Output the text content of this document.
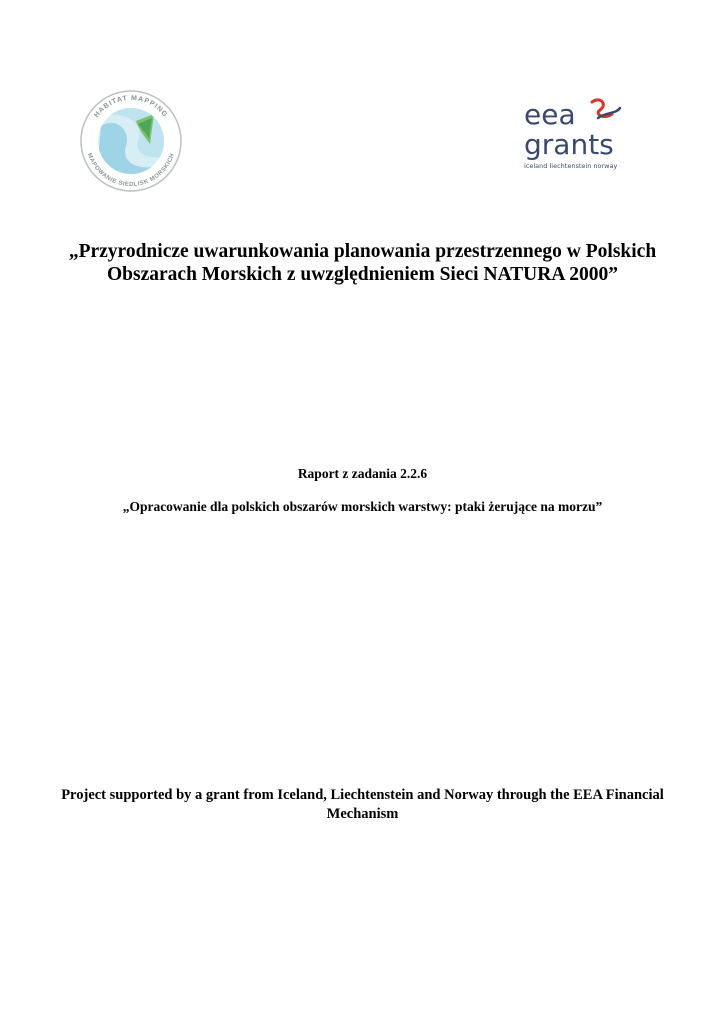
HABITAT MAPPING
MAPOWANIE SIEDLISK MORSKICH
eea
grants
iceland liechtenstein norway
„Przyrodnicze uwarunkowania planowania przestrzennego w Polskich Obszarach Morskich z uwzględnieniem Sieci NATURA 2000”
Raport z zadania 2.2.6
„Opracowanie dla polskich obszarów morskich warstwy: ptaki żerujące na morzu”
Project supported by a grant from Iceland, Liechtenstein and Norway through the EEA Financial Mechanism
